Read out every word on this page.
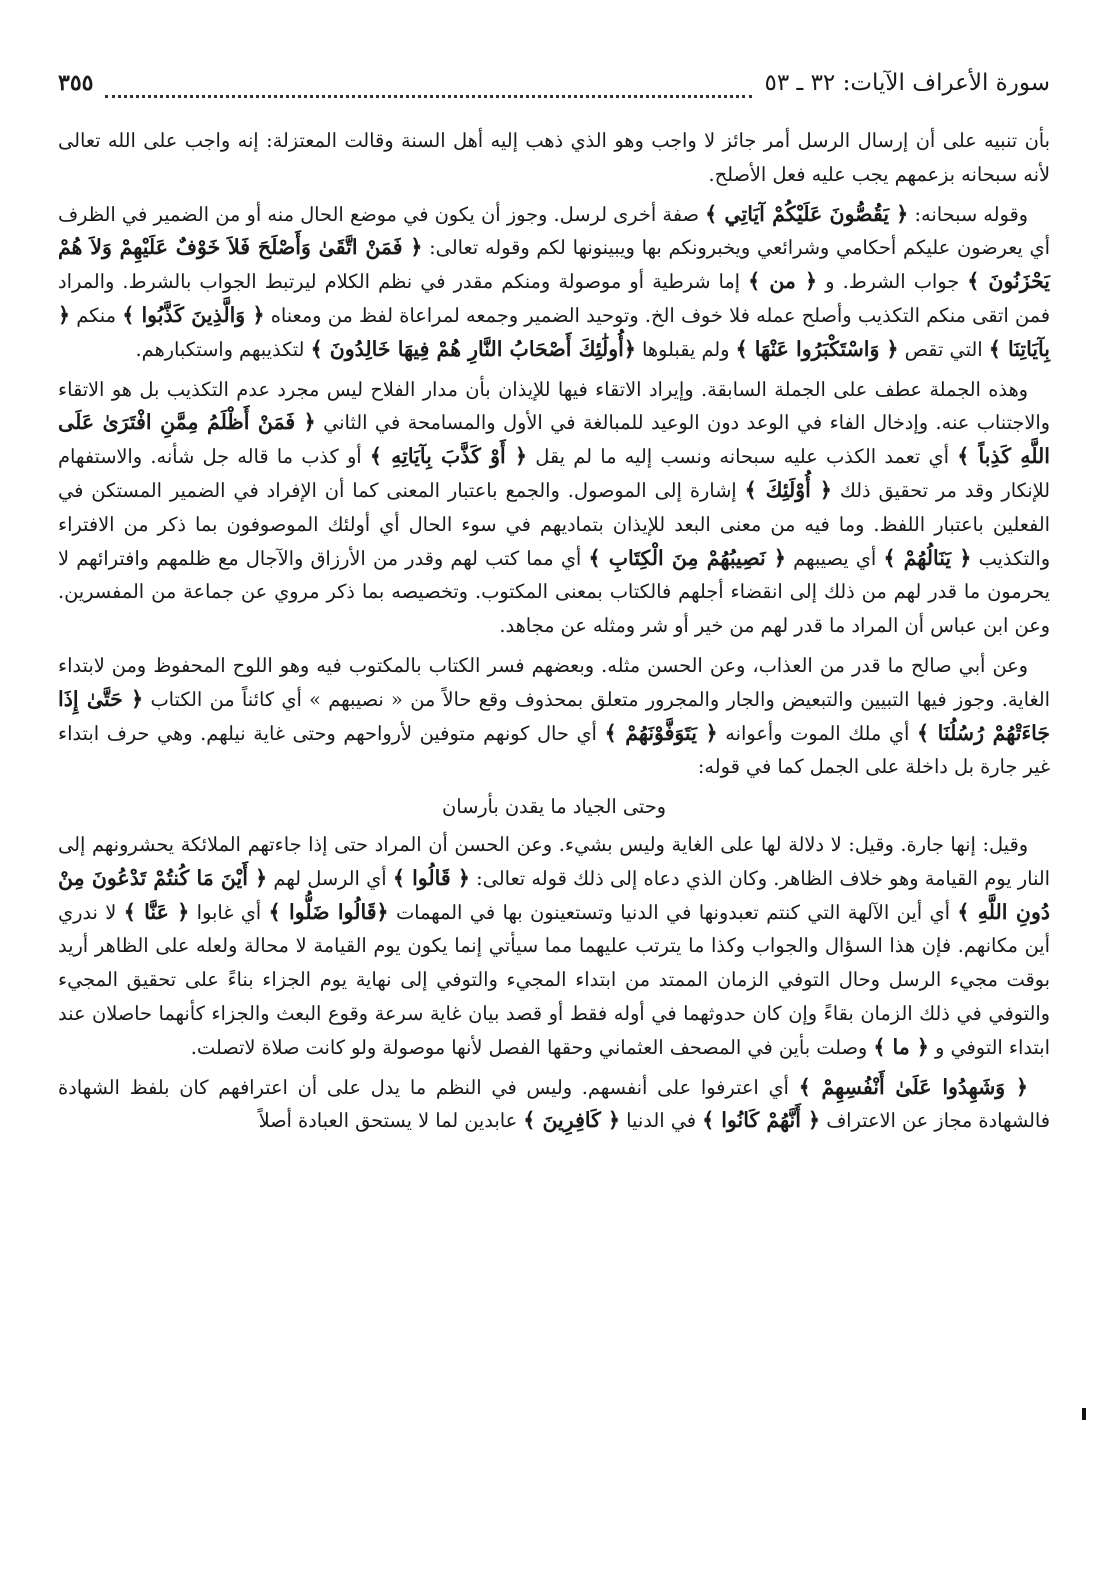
سورة الأعراف الآيات: ٣٢ ـ ٥٣
٣٥٥

بأن تنبيه على أن إرسال الرسل أمر جائز لا واجب وهو الذي ذهب إليه أهل السنة وقالت المعتزلة: إنه واجب على الله تعالى لأنه سبحانه بزعمهم يجب عليه فعل الأصلح.

وقوله سبحانه: ﴿ يَقُصُّونَ عَلَيْكُمْ آيَاتِي ﴾ صفة أخرى لرسل. وجوز أن يكون في موضع الحال منه أو من الضمير في الظرف أي يعرضون عليكم أحكامي وشرائعي ويخبرونكم بها ويبينونها لكم وقوله تعالى: ﴿ فَمَنْ اتَّقَىٰ وَأَصْلَحَ فَلاَ خَوْفٌ عَلَيْهِمْ وَلاَ هُمْ يَحْزَنُونَ ﴾ جواب الشرط. و ﴿ من ﴾ إما شرطية أو موصولة ومنكم مقدر في نظم الكلام ليرتبط الجواب بالشرط. والمراد فمن اتقى منكم التكذيب وأصلح عمله فلا خوف الخ. وتوحيد الضمير وجمعه لمراعاة لفظ من ومعناه ﴿ وَالَّذِينَ كَذَّبُوا ﴾ منكم ﴿ بِآيَاتِنَا ﴾ التي تقص ﴿ وَاسْتَكْبَرُوا عَنْهَا ﴾ ولم يقبلوها ﴿أُولَٰئِكَ أَصْحَابُ النَّارِ هُمْ فِيهَا خَالِدُونَ ﴾ لتكذيبهم واستكبارهم.

وهذه الجملة عطف على الجملة السابقة. وإيراد الاتقاء فيها للإيذان بأن مدار الفلاح ليس مجرد عدم التكذيب بل هو الاتقاء والاجتناب عنه. وإدخال الفاء في الوعد دون الوعيد للمبالغة في الأول والمسامحة في الثاني ﴿ فَمَنْ أَظْلَمُ مِمَّنِ افْتَرَىٰ عَلَى اللَّهِ كَذِباً ﴾ أي تعمد الكذب عليه سبحانه ونسب إليه ما لم يقل ﴿ أَوْ كَذَّبَ بِآيَاتِهِ ﴾ أو كذب ما قاله جل شأنه. والاستفهام للإنكار وقد مر تحقيق ذلك ﴿ أُوْلَئِكَ ﴾ إشارة إلى الموصول. والجمع باعتبار المعنى كما أن الإفراد في الضمير المستكن في الفعلين باعتبار اللفظ. وما فيه من معنى البعد للإيذان بتماديهم في سوء الحال أي أولئك الموصوفون بما ذكر من الافتراء والتكذيب ﴿ يَنَالُهُمْ ﴾ أي يصيبهم ﴿ نَصِيبُهُمْ مِنَ الْكِتَابِ ﴾ أي مما كتب لهم وقدر من الأرزاق والآجال مع ظلمهم وافترائهم لا يحرمون ما قدر لهم من ذلك إلى انقضاء أجلهم فالكتاب بمعنى المكتوب. وتخصيصه بما ذكر مروي عن جماعة من المفسرين. وعن ابن عباس أن المراد ما قدر لهم من خير أو شر ومثله عن مجاهد.

وعن أبي صالح ما قدر من العذاب، وعن الحسن مثله. وبعضهم فسر الكتاب بالمكتوب فيه وهو اللوح المحفوظ ومن لابتداء الغاية. وجوز فيها التبيين والتبعيض والجار والمجرور متعلق بمحذوف وقع حالاً من « نصيبهم » أي كائناً من الكتاب ﴿ حَتَّىٰ إِذَا جَاءَتْهُمْ رُسُلُنَا ﴾ أي ملك الموت وأعوانه ﴿ يَتَوَفَّوْنَهُمْ ﴾ أي حال كونهم متوفين لأرواحهم وحتى غاية نيلهم. وهي حرف ابتداء غير جارة بل داخلة على الجمل كما في قوله:

وحتى الجياد ما يقدن بأرسان

وقيل: إنها جارة. وقيل: لا دلالة لها على الغاية وليس بشيء. وعن الحسن أن المراد حتى إذا جاءتهم الملائكة يحشرونهم إلى النار يوم القيامة وهو خلاف الظاهر. وكان الذي دعاه إلى ذلك قوله تعالى: ﴿ قَالُوا ﴾ أي الرسل لهم ﴿ أَيْنَ مَا كُنتُمْ تَدْعُونَ مِنْ دُونِ اللَّهِ ﴾ أي أين الآلهة التي كنتم تعبدونها في الدنيا وتستعينون بها في المهمات ﴿قَالُوا ضَلُّوا ﴾ أي غابوا ﴿ عَنَّا ﴾ لا ندري أين مكانهم. فإن هذا السؤال والجواب وكذا ما يترتب عليهما مما سيأتي إنما يكون يوم القيامة لا محالة ولعله على الظاهر أريد بوقت مجيء الرسل وحال التوفي الزمان الممتد من ابتداء المجيء والتوفي إلى نهاية يوم الجزاء بناءً على تحقيق المجيء والتوفي في ذلك الزمان بقاءً وإن كان حدوثهما في أوله فقط أو قصد بيان غاية سرعة وقوع البعث والجزاء كأنهما حاصلان عند ابتداء التوفي و ﴿ ما ﴾ وصلت بأين في المصحف العثماني وحقها الفصل لأنها موصولة ولو كانت صلاة لاتصلت.

﴿ وَشَهِدُوا عَلَىٰ أَنْفُسِهِمْ ﴾ أي اعترفوا على أنفسهم. وليس في النظم ما يدل على أن اعترافهم كان بلفظ الشهادة فالشهادة مجاز عن الاعتراف ﴿ أَنَّهُمْ كَانُوا ﴾ في الدنيا ﴿ كَافِرِينَ ﴾ عابدين لما لا يستحق العبادة أصلاً
